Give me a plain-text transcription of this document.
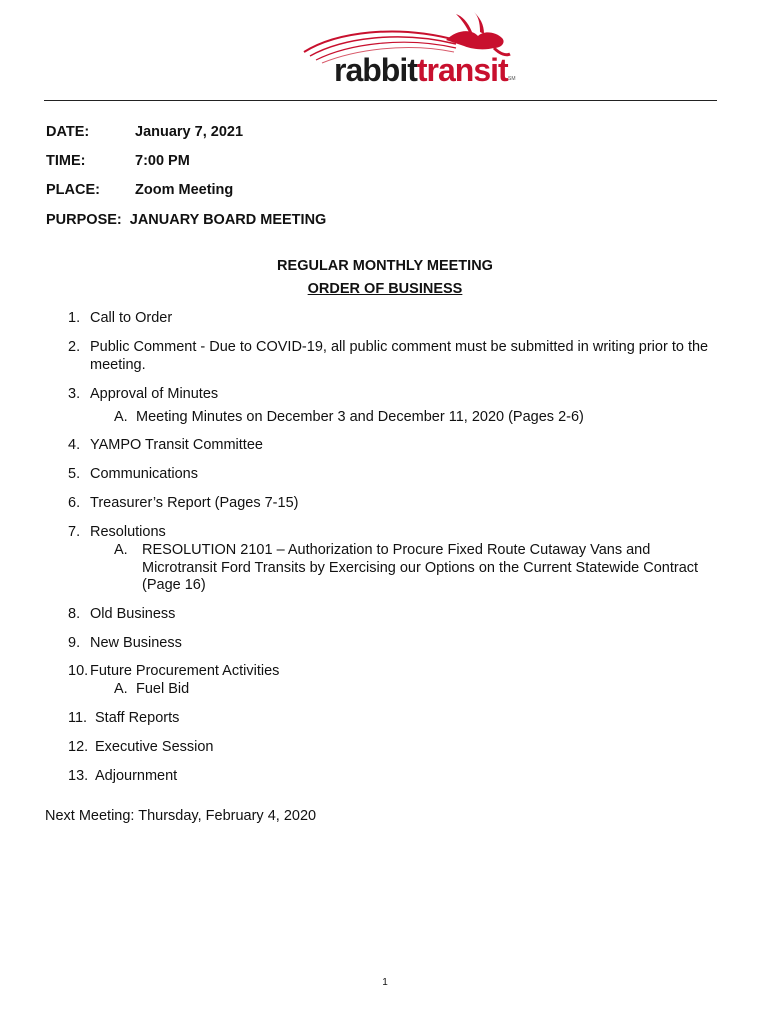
rabbittransit SM
DATE:	January 7, 2021
TIME:	7:00 PM
PLACE: Zoom Meeting
PURPOSE: JANUARY BOARD MEETING
REGULAR MONTHLY MEETING
ORDER OF BUSINESS
1. Call to Order
2. Public Comment - Due to COVID-19, all public comment must be submitted in writing prior to the
meeting.
3. Approval of Minutes
A. Meeting Minutes on December 3 and December 11, 2020 (Pages 2-6)
4. YAMPO Transit Committee
5. Communications
6. Treasurer’s Report (Pages 7-15)
7. Resolutions
A. RESOLUTION 2101 – Authorization to Procure Fixed Route Cutaway Vans and
Microtransit Ford Transits by Exercising our Options on the Current Statewide Contract
(Page 16)
8. Old Business
9. New Business
10. Future Procurement Activities
A. Fuel Bid
11. Staff Reports
12. Executive Session
13. Adjournment
Next Meeting: Thursday, February 4, 2020
1
